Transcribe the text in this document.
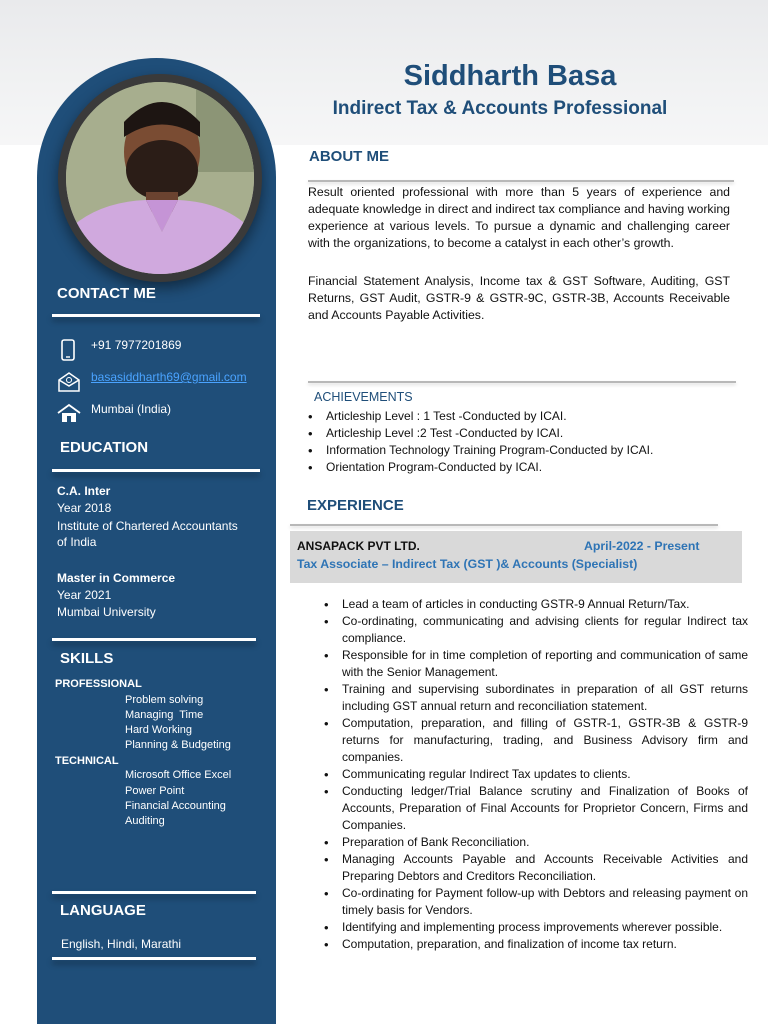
Siddharth Basa
Indirect Tax & Accounts Professional
CONTACT ME
+91 7977201869
basasiddharth69@gmail.com
Mumbai (India)
EDUCATION
C.A. Inter
Year 2018
Institute of Chartered Accountants
of India
Master in Commerce
Year 2021
Mumbai University
SKILLS
PROFESSIONAL
Problem solving
Managing  Time
Hard Working
Planning & Budgeting
TECHNICAL
Microsoft Office Excel
Power Point
Financial Accounting
Auditing
LANGUAGE
English, Hindi, Marathi
ABOUT ME
Result oriented professional with more than 5 years of experience and adequate knowledge in direct and indirect tax compliance and having working experience at various levels. To pursue a dynamic and challenging career with the organizations, to become a catalyst in each other’s growth.
Financial Statement Analysis, Income tax & GST Software, Auditing, GST Returns, GST Audit, GSTR-9 & GSTR-9C, GSTR-3B, Accounts Receivable and Accounts Payable Activities.
ACHIEVEMENTS
• Articleship Level : 1 Test -Conducted by ICAI.
• Articleship Level :2 Test -Conducted by ICAI.
• Information Technology Training Program-Conducted by ICAI.
• Orientation Program-Conducted by ICAI.
EXPERIENCE
ANSAPACK PVT LTD.	April-2022 - Present
Tax Associate – Indirect Tax (GST )& Accounts (Specialist)
• Lead a team of articles in conducting GSTR-9 Annual Return/Tax.
• Co-ordinating, communicating and advising clients for regular Indirect tax compliance.
• Responsible for in time completion of reporting and communication of same with the Senior Management.
• Training and supervising subordinates in preparation of all GST returns including GST annual return and reconciliation statement.
• Computation, preparation, and filling of GSTR-1, GSTR-3B & GSTR-9 returns for manufacturing, trading, and Business Advisory firm and companies.
• Communicating regular Indirect Tax updates to clients.
• Conducting ledger/Trial Balance scrutiny and Finalization of Books of Accounts, Preparation of Final Accounts for Proprietor Concern, Firms and Companies.
• Preparation of Bank Reconciliation.
• Managing Accounts Payable and Accounts Receivable Activities and Preparing Debtors and Creditors Reconciliation.
• Co-ordinating for Payment follow-up with Debtors and releasing payment on timely basis for Vendors.
• Identifying and implementing process improvements wherever possible.
• Computation, preparation, and finalization of income tax return.
